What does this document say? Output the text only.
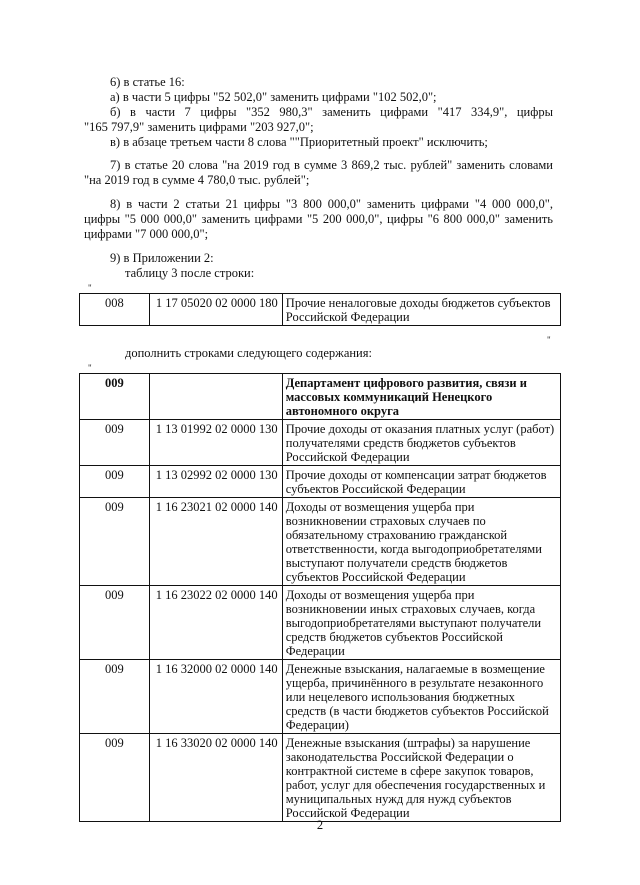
6) в статье 16:
а) в части 5 цифры "52 502,0" заменить цифрами "102 502,0";
б) в части 7 цифры "352 980,3" заменить цифрами "417 334,9", цифры
"165 797,9" заменить цифрами "203 927,0";
в) в абзаце третьем части 8 слова ""Приоритетный проект" исключить;
7) в статье 20 слова "на 2019 год в сумме 3 869,2 тыс. рублей" заменить словами
"на 2019 год в сумме 4 780,0 тыс. рублей";
8) в части 2 статьи 21 цифры "3 800 000,0" заменить цифрами "4 000 000,0",
цифры "5 000 000,0" заменить цифрами "5 200 000,0", цифры "6 800 000,0" заменить
цифрами "7 000 000,0";
9) в Приложении 2:
таблицу 3 после строки:
"
008	1 17 05020 02 0000 180	Прочие неналоговые доходы бюджетов субъектов Российской Федерации
"
дополнить строками следующего содержания:
"
009		Департамент цифрового развития, связи и массовых коммуникаций Ненецкого автономного округа
009	1 13 01992 02 0000 130	Прочие доходы от оказания платных услуг (работ) получателями средств бюджетов субъектов Российской Федерации
009	1 13 02992 02 0000 130	Прочие доходы от компенсации затрат бюджетов субъектов Российской Федерации
009	1 16 23021 02 0000 140	Доходы от возмещения ущерба при возникновении страховых случаев по обязательному страхованию гражданской ответственности, когда выгодоприобретателями выступают получатели средств бюджетов субъектов Российской Федерации
009	1 16 23022 02 0000 140	Доходы от возмещения ущерба при возникновении иных страховых случаев, когда выгодоприобретателями выступают получатели средств бюджетов субъектов Российской Федерации
009	1 16 32000 02 0000 140	Денежные взыскания, налагаемые в возмещение ущерба, причинённого в результате незаконного или нецелевого использования бюджетных средств (в части бюджетов субъектов Российской Федерации)
009	1 16 33020 02 0000 140	Денежные взыскания (штрафы) за нарушение законодательства Российской Федерации о контрактной системе в сфере закупок товаров, работ, услуг для обеспечения государственных и муниципальных нужд для нужд субъектов Российской Федерации
2
